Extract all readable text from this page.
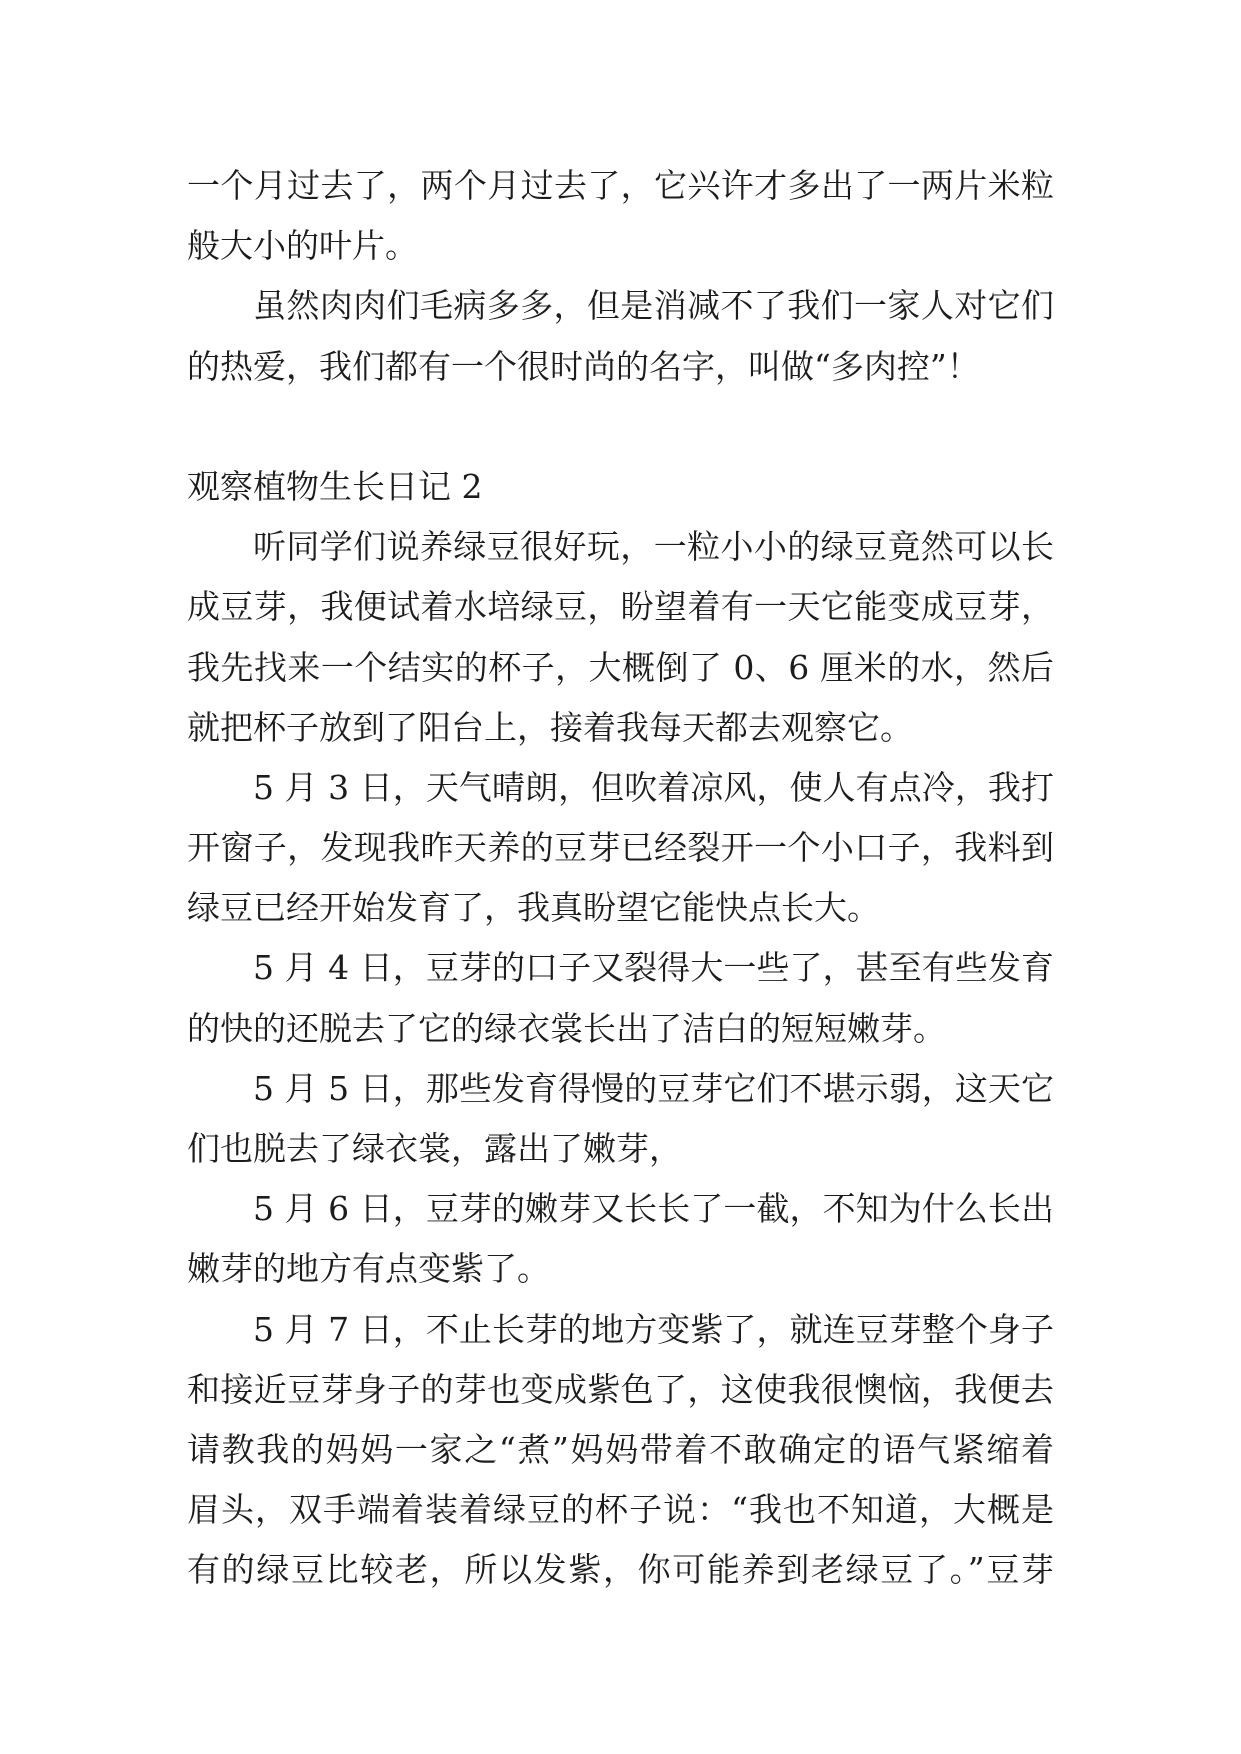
一个月过去了，两个月过去了，它兴许才多出了一两片米粒
般大小的叶片。
虽然肉肉们毛病多多，但是消减不了我们一家人对它们
的热爱，我们都有一个很时尚的名字，叫做“多肉控”！
观察植物生长日记 2
听同学们说养绿豆很好玩，一粒小小的绿豆竟然可以长
成豆芽，我便试着水培绿豆，盼望着有一天它能变成豆芽，
我先找来一个结实的杯子，大概倒了 0、6 厘米的水，然后
就把杯子放到了阳台上，接着我每天都去观察它。
5 月 3 日，天气晴朗，但吹着凉风，使人有点冷，我打
开窗子，发现我昨天养的豆芽已经裂开一个小口子，我料到
绿豆已经开始发育了，我真盼望它能快点长大。
5 月 4 日，豆芽的口子又裂得大一些了，甚至有些发育
的快的还脱去了它的绿衣裳长出了洁白的短短嫩芽。
5 月 5 日，那些发育得慢的豆芽它们不堪示弱，这天它
们也脱去了绿衣裳，露出了嫩芽，
5 月 6 日，豆芽的嫩芽又长长了一截，不知为什么长出
嫩芽的地方有点变紫了。
5 月 7 日，不止长芽的地方变紫了，就连豆芽整个身子
和接近豆芽身子的芽也变成紫色了，这使我很懊恼，我便去
请教我的妈妈一家之“煮”妈妈带着不敢确定的语气紧缩着
眉头，双手端着装着绿豆的杯子说：“我也不知道，大概是
有的绿豆比较老，所以发紫，你可能养到老绿豆了。”豆芽
